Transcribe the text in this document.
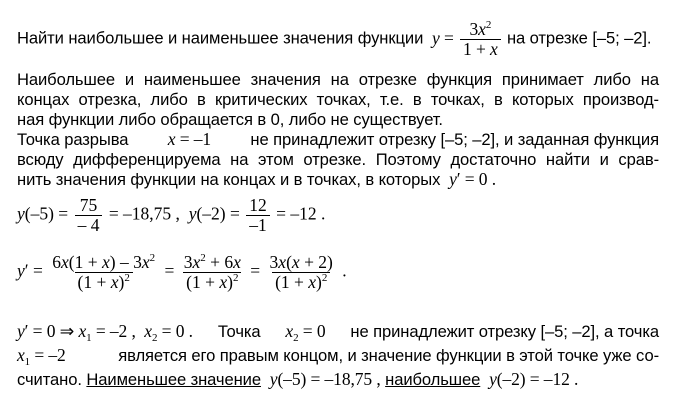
Найти наибольшее и наименьшее значения функции $y = \frac{3x^2}{1 + x}$ на отрезке [–5; –2].
Наибольшее и наименьшее значения на отрезке функция принимает либо на
концах отрезка, либо в критических точках, т.е. в точках, в которых производ-
ная функции либо обращается в 0, либо не существует.
Точка разрыва x = –1 не принадлежит отрезку [–5; –2], и заданная функция
всюду дифференцируема на этом отрезке. Поэтому достаточно найти и срав-
нить значения функции на концах и в точках, в которых y′ = 0 .
$y(-5) = \frac{75}{- 4} = -18,75$ ,  $y(-2) = \frac{12}{-1} = -12$ .
$y' = \frac{6x(1 + x) - 3x^2}{(1 + x)^2} = \frac{3x^2 + 6x}{(1 + x)^2} = \frac{3x(x + 2)}{(1 + x)^2}$ .
y′ = 0 ⇒ $x_1 = -2$ ,  $x_2 = 0$ . Точка $x_2 = 0$ не принадлежит отрезку [–5; –2], а точка
$x_1 = -2$	является его правым концом, и значение функции в этой точке уже со-
считано. Наименьшее значение y(–5) = –18,75 , наибольшее y(–2) = –12 .
